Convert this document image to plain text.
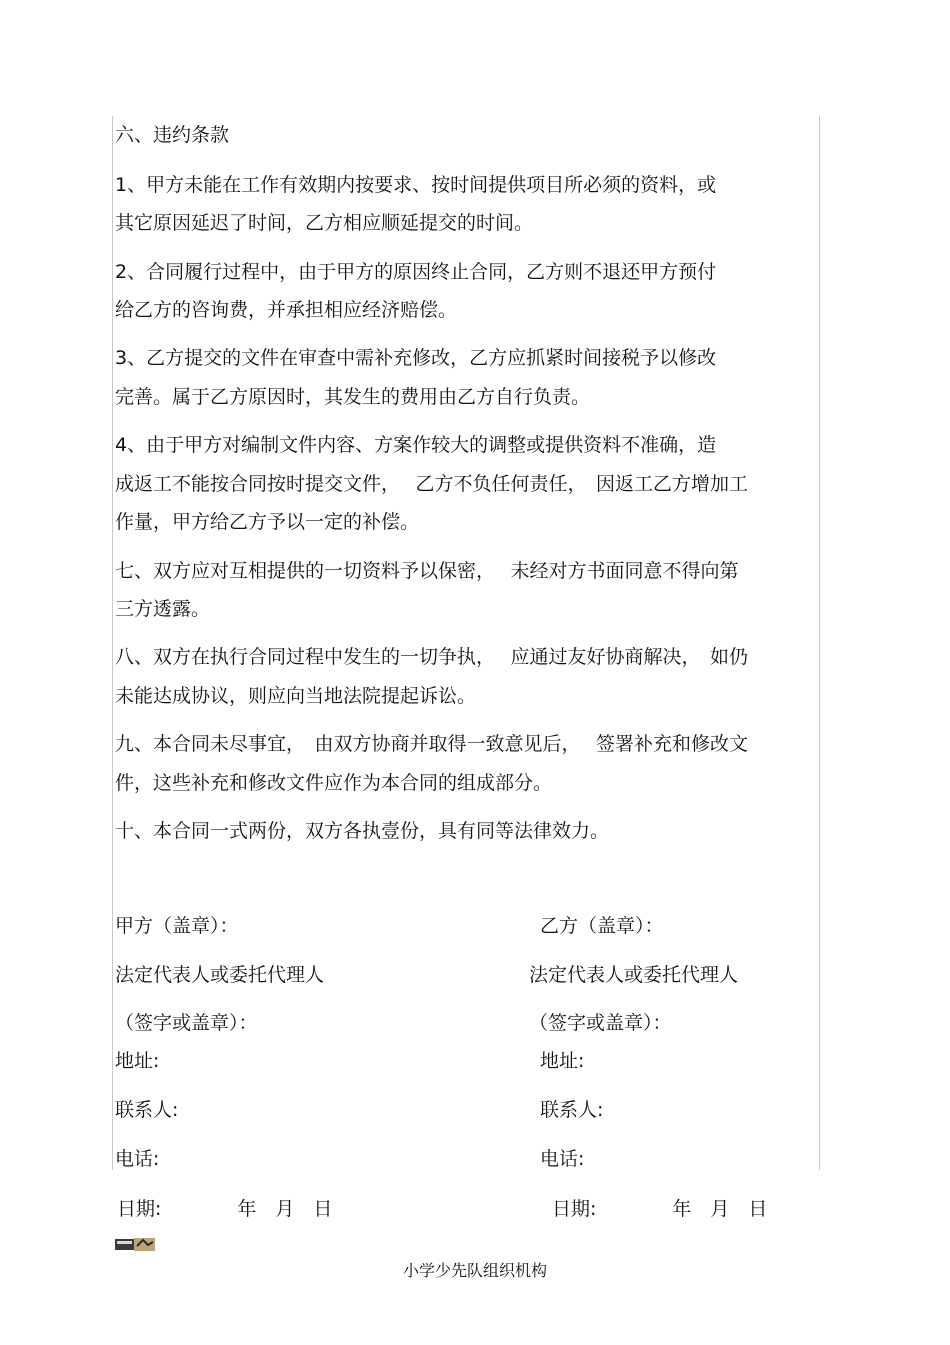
六、违约条款
1、甲方未能在工作有效期内按要求、按时间提供项目所必须的资料，或
其它原因延迟了时间，乙方相应顺延提交的时间。
2、合同履行过程中，由于甲方的原因终止合同，乙方则不退还甲方预付
给乙方的咨询费，并承担相应经济赔偿。
3、乙方提交的文件在审查中需补充修改，乙方应抓紧时间接税予以修改
完善。属于乙方原因时，其发生的费用由乙方自行负责。
4、由于甲方对编制文件内容、方案作较大的调整或提供资料不准确，造
成返工不能按合同按时提交文件，　 乙方不负任何责任，　因返工乙方增加工
作量，甲方给乙方予以一定的补偿。
七、双方应对互相提供的一切资料予以保密，　 未经对方书面同意不得向第
三方透露。
八、双方在执行合同过程中发生的一切争执，　 应通过友好协商解决，　如仍
未能达成协议，则应向当地法院提起诉讼。
九、本合同未尽事宜，　由双方协商并取得一致意见后，　 签署补充和修改文
件，这些补充和修改文件应作为本合同的组成部分。
十、本合同一式两份，双方各执壹份，具有同等法律效力。
甲方（盖章）：
法定代表人或委托代理人
（签字或盖章）：
地址:
联系人:
电话:
日期:　　　　年　月　日
乙方（盖章）：
法定代表人或委托代理人
（签字或盖章）：
地址:
联系人:
电话:
日期:　　　　年　月　日
小学少先队组织机构
